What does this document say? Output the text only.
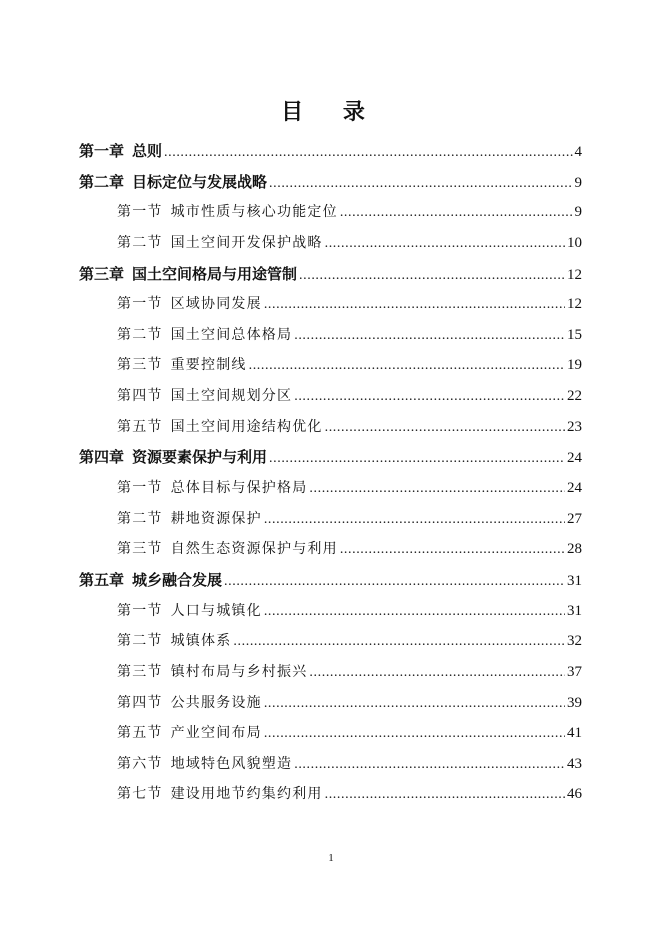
目 录
第一章 总则 .....	4
第二章 目标定位与发展战略 .....	9
第一节 城市性质与核心功能定位 .....	9
第二节 国土空间开发保护战略 .....	10
第三章 国土空间格局与用途管制 .....	12
第一节 区域协同发展 .....	12
第二节 国土空间总体格局 .....	15
第三节 重要控制线 .....	19
第四节 国土空间规划分区 .....	22
第五节 国土空间用途结构优化 .....	23
第四章 资源要素保护与利用 .....	24
第一节 总体目标与保护格局 .....	24
第二节 耕地资源保护 .....	27
第三节 自然生态资源保护与利用 .....	28
第五章 城乡融合发展 .....	31
第一节 人口与城镇化 .....	31
第二节 城镇体系 .....	32
第三节 镇村布局与乡村振兴 .....	37
第四节 公共服务设施 .....	39
第五节 产业空间布局 .....	41
第六节 地域特色风貌塑造 .....	43
第七节 建设用地节约集约利用 .....	46
1
